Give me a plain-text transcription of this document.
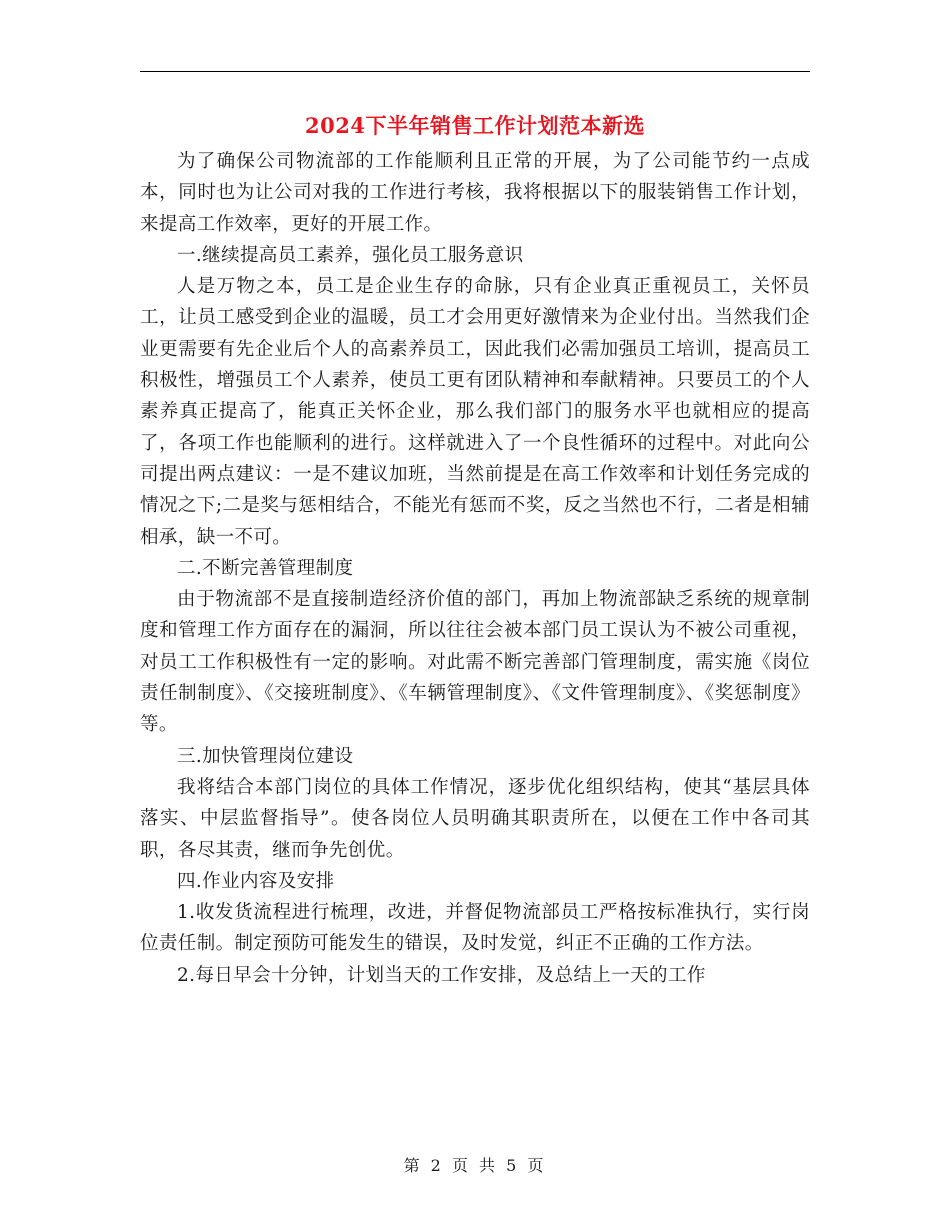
2024下半年销售工作计划范本新选

为了确保公司物流部的工作能顺利且正常的开展，为了公司能节约一点成本，同时也为让公司对我的工作进行考核，我将根据以下的服装销售工作计划，来提高工作效率，更好的开展工作。

一.继续提高员工素养，强化员工服务意识

人是万物之本，员工是企业生存的命脉，只有企业真正重视员工，关怀员工，让员工感受到企业的温暖，员工才会用更好激情来为企业付出。当然我们企业更需要有先企业后个人的高素养员工，因此我们必需加强员工培训，提高员工积极性，增强员工个人素养，使员工更有团队精神和奉献精神。只要员工的个人素养真正提高了，能真正关怀企业，那么我们部门的服务水平也就相应的提高了，各项工作也能顺利的进行。这样就进入了一个良性循环的过程中。对此向公司提出两点建议：一是不建议加班，当然前提是在高工作效率和计划任务完成的情况之下;二是奖与惩相结合，不能光有惩而不奖，反之当然也不行，二者是相辅相承，缺一不可。

二.不断完善管理制度

由于物流部不是直接制造经济价值的部门，再加上物流部缺乏系统的规章制度和管理工作方面存在的漏洞，所以往往会被本部门员工误认为不被公司重视，对员工工作积极性有一定的影响。对此需不断完善部门管理制度，需实施《岗位责任制制度》、《交接班制度》、《车辆管理制度》、《文件管理制度》、《奖惩制度》等。

三.加快管理岗位建设

我将结合本部门岗位的具体工作情况，逐步优化组织结构，使其“基层具体落实、中层监督指导”。使各岗位人员明确其职责所在，以便在工作中各司其职，各尽其责，继而争先创优。

四.作业内容及安排

1.收发货流程进行梳理，改进，并督促物流部员工严格按标准执行，实行岗位责任制。制定预防可能发生的错误，及时发觉，纠正不正确的工作方法。

2.每日早会十分钟，计划当天的工作安排，及总结上一天的工作

第 2 页 共 5 页
